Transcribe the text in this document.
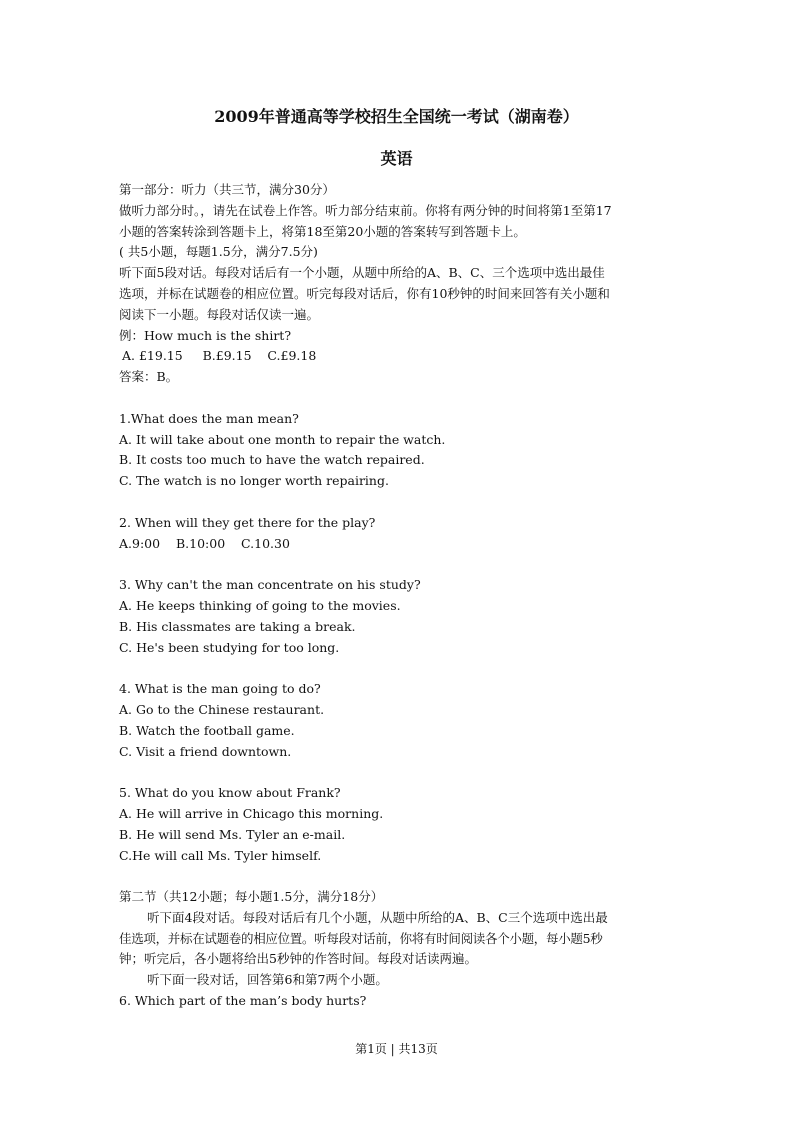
2009年普通高等学校招生全国统一考试（湖南卷）
英语
第一部分：听力（共三节，满分30分）
做听力部分时。，请先在试卷上作答。听力部分结束前。你将有两分钟的时间将第1至第17
小题的答案转涂到答题卡上，将第18至第20小题的答案转写到答题卡上。
( 共5小题，每题1.5分，满分7.5分)
听下面5段对话。每段对话后有一个小题，从题中所给的A、B、C、三个选项中选出最佳
选项，并标在试题卷的相应位置。听完每段对话后，你有10秒钟的时间来回答有关小题和
阅读下一小题。每段对话仅读一遍。
例：How much is the shirt?
A. £19.15     B.£9.15    C.£9.18
答案：B。
1.What does the man mean?
A. It will take about one month to repair the watch.
B. It costs too much to have the watch repaired.
C. The watch is no longer worth repairing.
2. When will they get there for the play?
A.9:00    B.10:00    C.10.30
3. Why can't the man concentrate on his study?
A. He keeps thinking of going to the movies.
B. His classmates are taking a break.
C. He's been studying for too long.
4. What is the man going to do?
A. Go to the Chinese restaurant.
B. Watch the football game.
C. Visit a friend downtown.
5. What do you know about Frank?
A. He will arrive in Chicago this morning.
B. He will send Ms. Tyler an e-mail.
C.He will call Ms. Tyler himself.
第二节（共12小题；每小题1.5分，满分18分）
听下面4段对话。每段对话后有几个小题，从题中所给的A、B、C三个选项中选出最
佳选项，并标在试题卷的相应位置。听每段对话前，你将有时间阅读各个小题，每小题5秒
钟；听完后，各小题将给出5秒钟的作答时间。每段对话读两遍。
听下面一段对话，回答第6和第7两个小题。
6. Which part of the man’s body hurts?
第1页 | 共13页
